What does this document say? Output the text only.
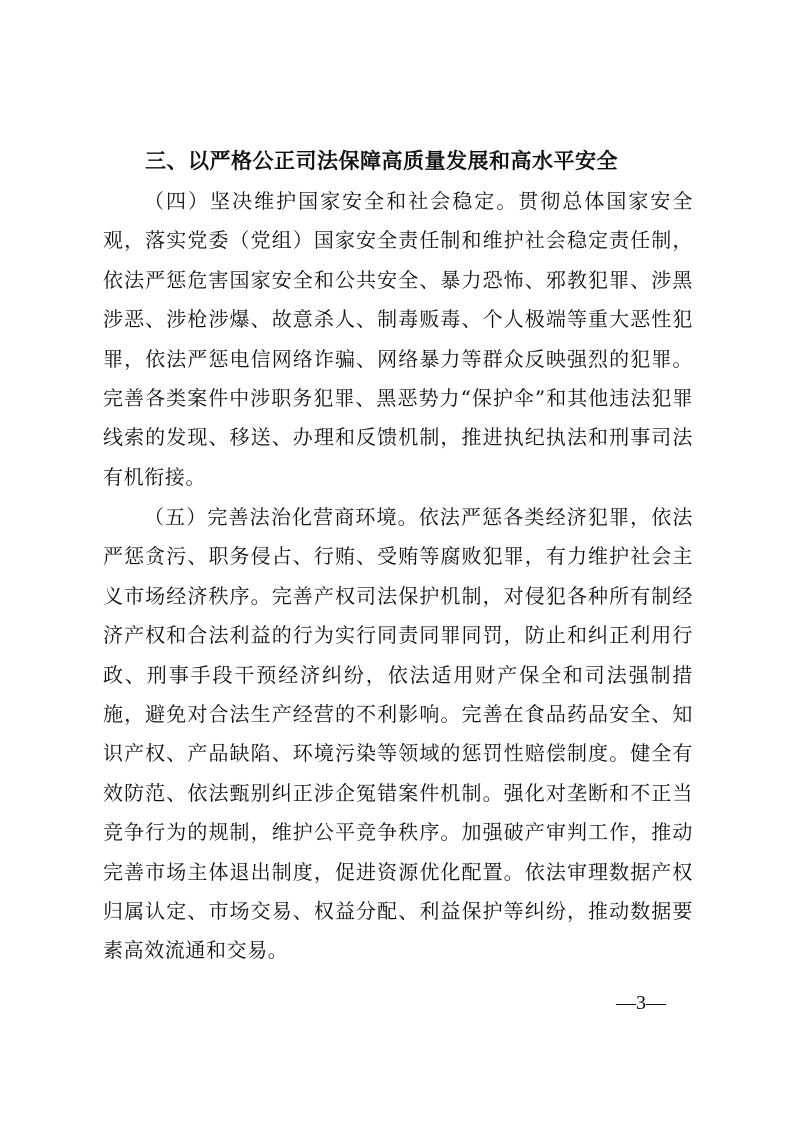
三、以严格公正司法保障高质量发展和高水平安全

（四）坚决维护国家安全和社会稳定。贯彻总体国家安全观，落实党委（党组）国家安全责任制和维护社会稳定责任制，依法严惩危害国家安全和公共安全、暴力恐怖、邪教犯罪、涉黑涉恶、涉枪涉爆、故意杀人、制毒贩毒、个人极端等重大恶性犯罪，依法严惩电信网络诈骗、网络暴力等群众反映强烈的犯罪。完善各类案件中涉职务犯罪、黑恶势力“保护伞”和其他违法犯罪线索的发现、移送、办理和反馈机制，推进执纪执法和刑事司法有机衔接。

（五）完善法治化营商环境。依法严惩各类经济犯罪，依法严惩贪污、职务侵占、行贿、受贿等腐败犯罪，有力维护社会主义市场经济秩序。完善产权司法保护机制，对侵犯各种所有制经济产权和合法利益的行为实行同责同罪同罚，防止和纠正利用行政、刑事手段干预经济纠纷，依法适用财产保全和司法强制措施，避免对合法生产经营的不利影响。完善在食品药品安全、知识产权、产品缺陷、环境污染等领域的惩罚性赔偿制度。健全有效防范、依法甄别纠正涉企冤错案件机制。强化对垄断和不正当竞争行为的规制，维护公平竞争秩序。加强破产审判工作，推动完善市场主体退出制度，促进资源优化配置。依法审理数据产权归属认定、市场交易、权益分配、利益保护等纠纷，推动数据要素高效流通和交易。

—3—
